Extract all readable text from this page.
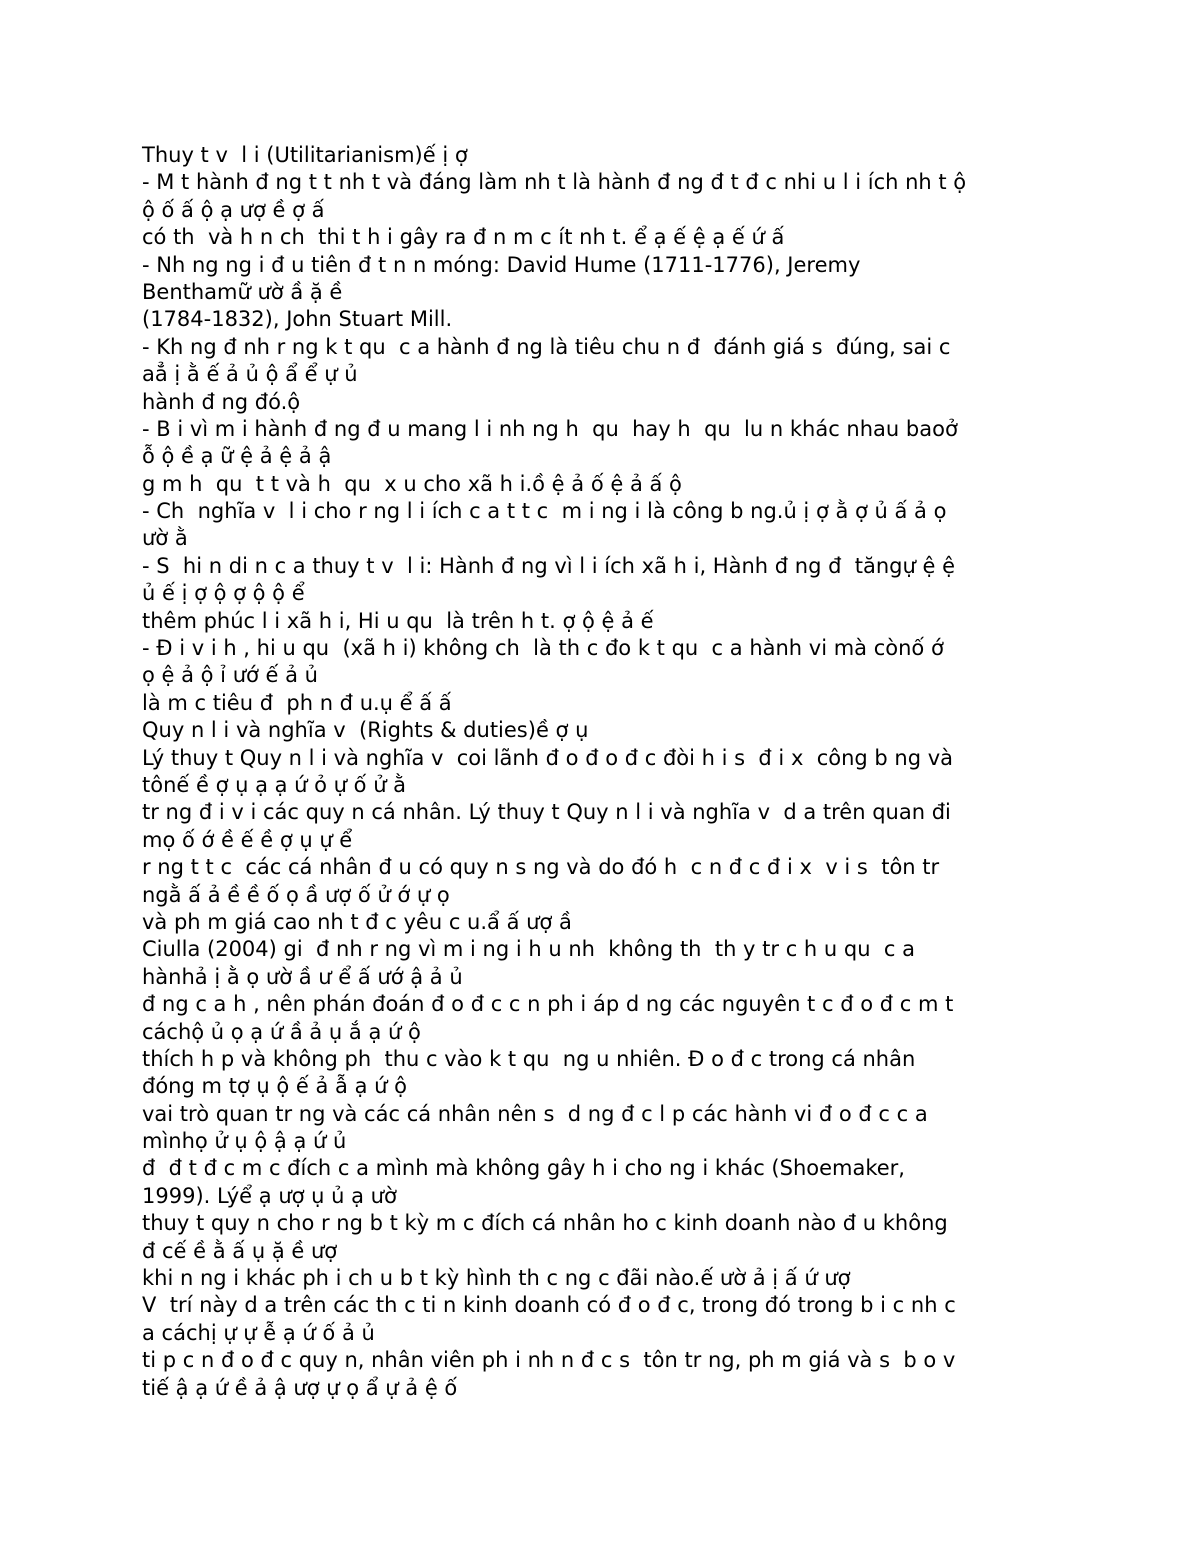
Thuy t v  l i (Utilitarianism)ế ị ợ
- M t hành đ ng t t nh t và đáng làm nh t là hành đ ng đ t đ c nhi u l i ích nh t ộ
ộ ố ấ ộ ạ ượ ề ợ ấ
có th  và h n ch  thi t h i gây ra đ n m c ít nh t. ể ạ ế ệ ạ ế ứ ấ
- Nh ng ng i đ u tiên đ t n n móng: David Hume (1711-1776), Jeremy
Benthamữ ườ ầ ặ ề
(1784-1832), John Stuart Mill.
- Kh ng đ nh r ng k t qu  c a hành đ ng là tiêu chu n đ  đánh giá s  đúng, sai c
aẳ ị ằ ế ả ủ ộ ẩ ể ự ủ
hành đ ng đó.ộ
- B i vì m i hành đ ng đ u mang l i nh ng h  qu  hay h  qu  lu n khác nhau baoở
ỗ ộ ề ạ ữ ệ ả ệ ả ậ
g m h  qu  t t và h  qu  x u cho xã h i.ồ ệ ả ố ệ ả ấ ộ
- Ch  nghĩa v  l i cho r ng l i ích c a t t c  m i ng i là công b ng.ủ ị ợ ằ ợ ủ ấ ả ọ
ườ ằ
- S  hi n di n c a thuy t v  l i: Hành đ ng vì l i ích xã h i, Hành đ ng đ  tăngự ệ ệ
ủ ế ị ợ ộ ợ ộ ộ ể
thêm phúc l i xã h i, Hi u qu  là trên h t. ợ ộ ệ ả ế
- Đ i v i h , hi u qu  (xã h i) không ch  là th c đo k t qu  c a hành vi mà cònố ớ
ọ ệ ả ộ ỉ ướ ế ả ủ
là m c tiêu đ  ph n đ u.ụ ể ấ ấ
Quy n l i và nghĩa v  (Rights & duties)ề ợ ụ
Lý thuy t Quy n l i và nghĩa v  coi lãnh đ o đ o đ c đòi h i s  đ i x  công b ng và
tônế ề ợ ụ ạ ạ ứ ỏ ự ố ử ằ
tr ng đ i v i các quy n cá nhân. Lý thuy t Quy n l i và nghĩa v  d a trên quan đi
mọ ố ớ ề ế ề ợ ụ ự ể
r ng t t c  các cá nhân đ u có quy n s ng và do đó h  c n đ c đ i x  v i s  tôn tr
ngằ ấ ả ề ề ố ọ ầ ượ ố ử ớ ự ọ
và ph m giá cao nh t đ c yêu c u.ẩ ấ ượ ầ
Ciulla (2004) gi  đ nh r ng vì m i ng i h u nh  không th  th y tr c h u qu  c a
hànhả ị ằ ọ ườ ầ ư ể ấ ướ ậ ả ủ
đ ng c a h , nên phán đoán đ o đ c c n ph i áp d ng các nguyên t c đ o đ c m t
cáchộ ủ ọ ạ ứ ầ ả ụ ắ ạ ứ ộ
thích h p và không ph  thu c vào k t qu  ng u nhiên. Đ o đ c trong cá nhân
đóng m tợ ụ ộ ế ả ẫ ạ ứ ộ
vai trò quan tr ng và các cá nhân nên s  d ng đ c l p các hành vi đ o đ c c a
mìnhọ ử ụ ộ ậ ạ ứ ủ
đ  đ t đ c m c đích c a mình mà không gây h i cho ng i khác (Shoemaker,
1999). Lýể ạ ượ ụ ủ ạ ườ
thuy t quy n cho r ng b t kỳ m c đích cá nhân ho c kinh doanh nào đ u không
đ cế ề ằ ấ ụ ặ ề ượ
khi n ng i khác ph i ch u b t kỳ hình th c ng c đãi nào.ế ườ ả ị ấ ứ ượ
V  trí này d a trên các th c ti n kinh doanh có đ o đ c, trong đó trong b i c nh c
a cáchị ự ự ễ ạ ứ ố ả ủ
ti p c n đ o đ c quy n, nhân viên ph i nh n đ c s  tôn tr ng, ph m giá và s  b o v
tiế ậ ạ ứ ề ả ậ ượ ự ọ ẩ ự ả ệ ố
